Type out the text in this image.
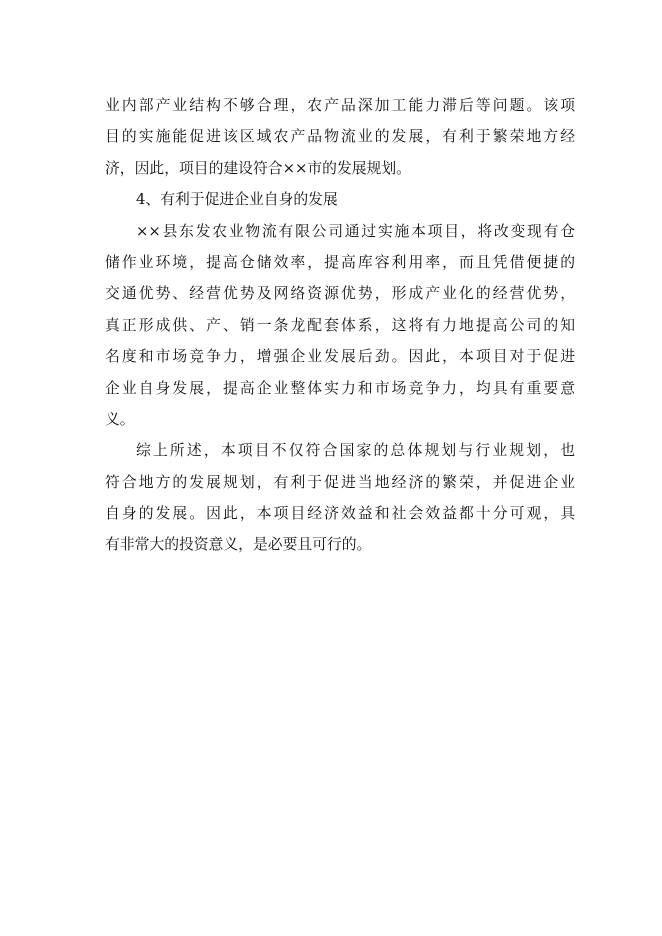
业内部产业结构不够合理，农产品深加工能力滞后等问题。该项
目的实施能促进该区域农产品物流业的发展，有利于繁荣地方经
济，因此，项目的建设符合××市的发展规划。
4、有利于促进企业自身的发展
××县东发农业物流有限公司通过实施本项目，将改变现有仓
储作业环境，提高仓储效率，提高库容利用率，而且凭借便捷的
交通优势、经营优势及网络资源优势，形成产业化的经营优势，
真正形成供、产、销一条龙配套体系，这将有力地提高公司的知
名度和市场竞争力，增强企业发展后劲。因此，本项目对于促进
企业自身发展，提高企业整体实力和市场竞争力，均具有重要意
义。
综上所述，本项目不仅符合国家的总体规划与行业规划，也
符合地方的发展规划，有利于促进当地经济的繁荣，并促进企业
自身的发展。因此，本项目经济效益和社会效益都十分可观，具
有非常大的投资意义，是必要且可行的。
